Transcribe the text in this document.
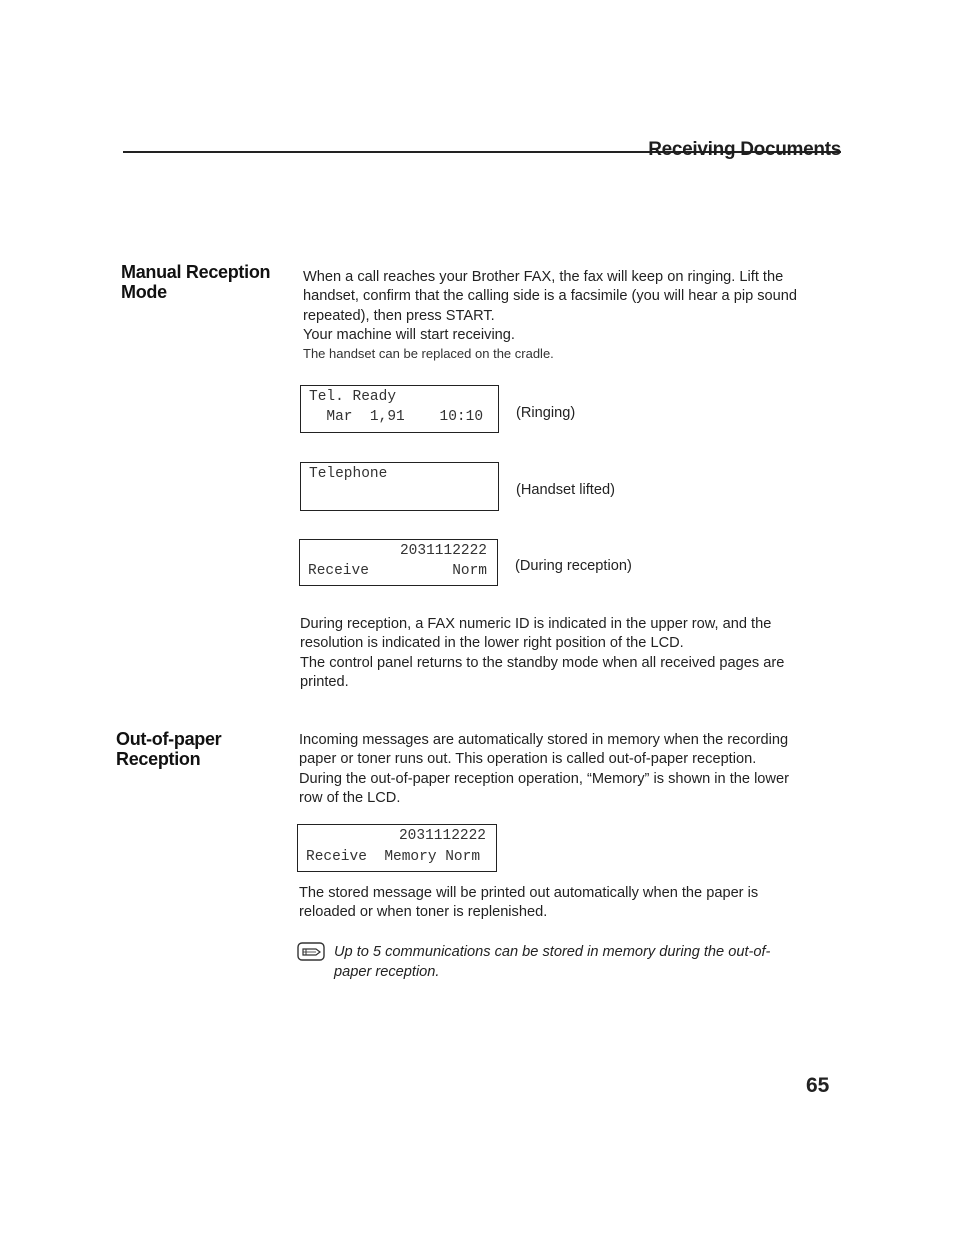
Receiving Documents
Manual Reception
Mode
When a call reaches your Brother FAX, the fax will keep on ringing. Lift the
handset, confirm that the calling side is a facsimile (you will hear a pip sound
repeated), then press START.
Your machine will start receiving.
The handset can be replaced on the cradle.
Tel. Ready
Mar  1,91    10:10 (Ringing)
Telephone
(Handset lifted)
2031112222
Receive	Norm (During reception)
During reception, a FAX numeric ID is indicated in the upper row, and the
resolution is indicated in the lower right position of the LCD.
The control panel returns to the standby mode when all received pages are
printed.
Out-of-paper
Reception
Incoming messages are automatically stored in memory when the recording
paper or toner runs out. This operation is called out-of-paper reception.
During the out-of-paper reception operation, “Memory” is shown in the lower
row of the LCD.
2031112222
Receive  Memory Norm
The stored message will be printed out automatically when the paper is
reloaded or when toner is replenished.
Up to 5 communications can be stored in memory during the out-of-
paper reception.
65
